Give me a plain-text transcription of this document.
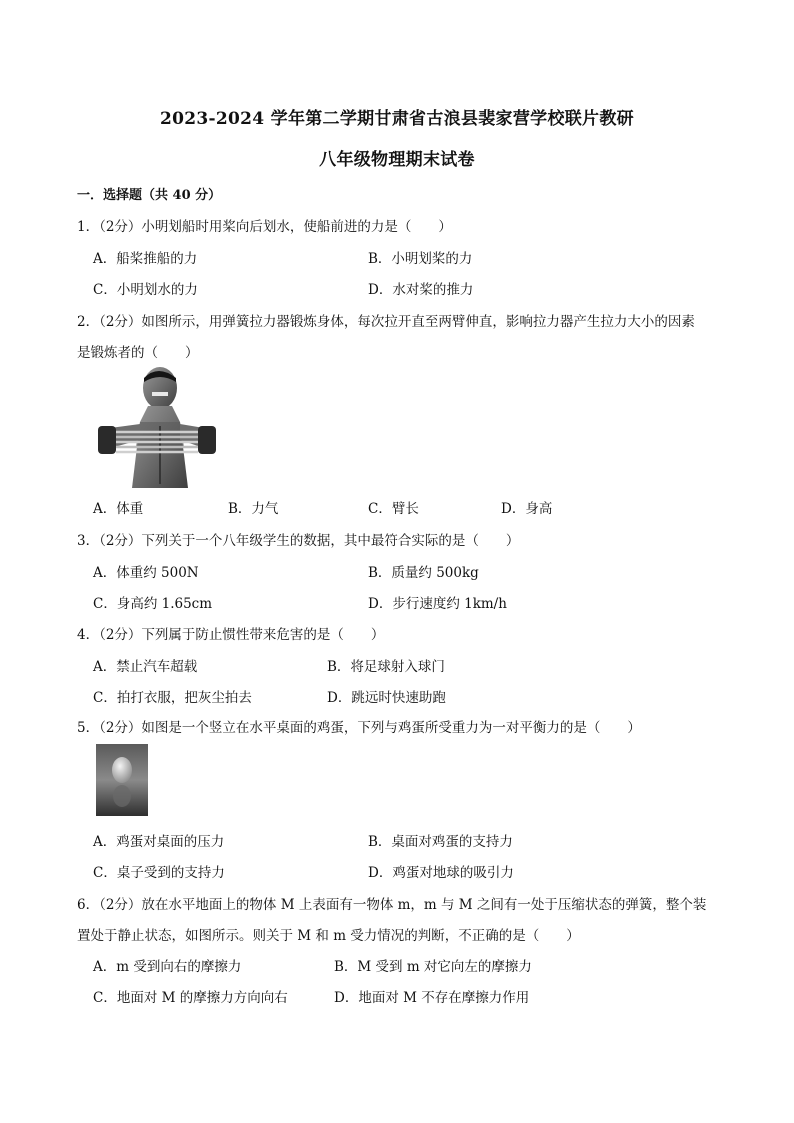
2023-2024 学年第二学期甘肃省古浪县裴家营学校联片教研
八年级物理期末试卷
一．选择题（共 40 分）
1．（2分）小明划船时用桨向后划水，使船前进的力是（　　）
A．船桨推船的力	B．小明划桨的力
C．小明划水的力	D．水对桨的推力
2．（2分）如图所示，用弹簧拉力器锻炼身体，每次拉开直至两臂伸直，影响拉力器产生拉力大小的因素
是锻炼者的（　　）
A．体重	B．力气	C．臂长	D．身高
3．（2分）下列关于一个八年级学生的数据，其中最符合实际的是（　　）
A．体重约 500N	B．质量约 500kg
C．身高约 1.65cm	D．步行速度约 1km/h
4．（2分）下列属于防止惯性带来危害的是（　　）
A．禁止汽车超载	B．将足球射入球门
C．拍打衣服，把灰尘拍去	D．跳远时快速助跑
5．（2分）如图是一个竖立在水平桌面的鸡蛋，下列与鸡蛋所受重力为一对平衡力的是（　　）
A．鸡蛋对桌面的压力	B．桌面对鸡蛋的支持力
C．桌子受到的支持力	D．鸡蛋对地球的吸引力
6．（2分）放在水平地面上的物体 M 上表面有一物体 m，m 与 M 之间有一处于压缩状态的弹簧，整个装
置处于静止状态，如图所示。则关于 M 和 m 受力情况的判断，不正确的是（　　）
A．m 受到向右的摩擦力	B．M 受到 m 对它向左的摩擦力
C．地面对 M 的摩擦力方向向右	D．地面对 M 不存在摩擦力作用
